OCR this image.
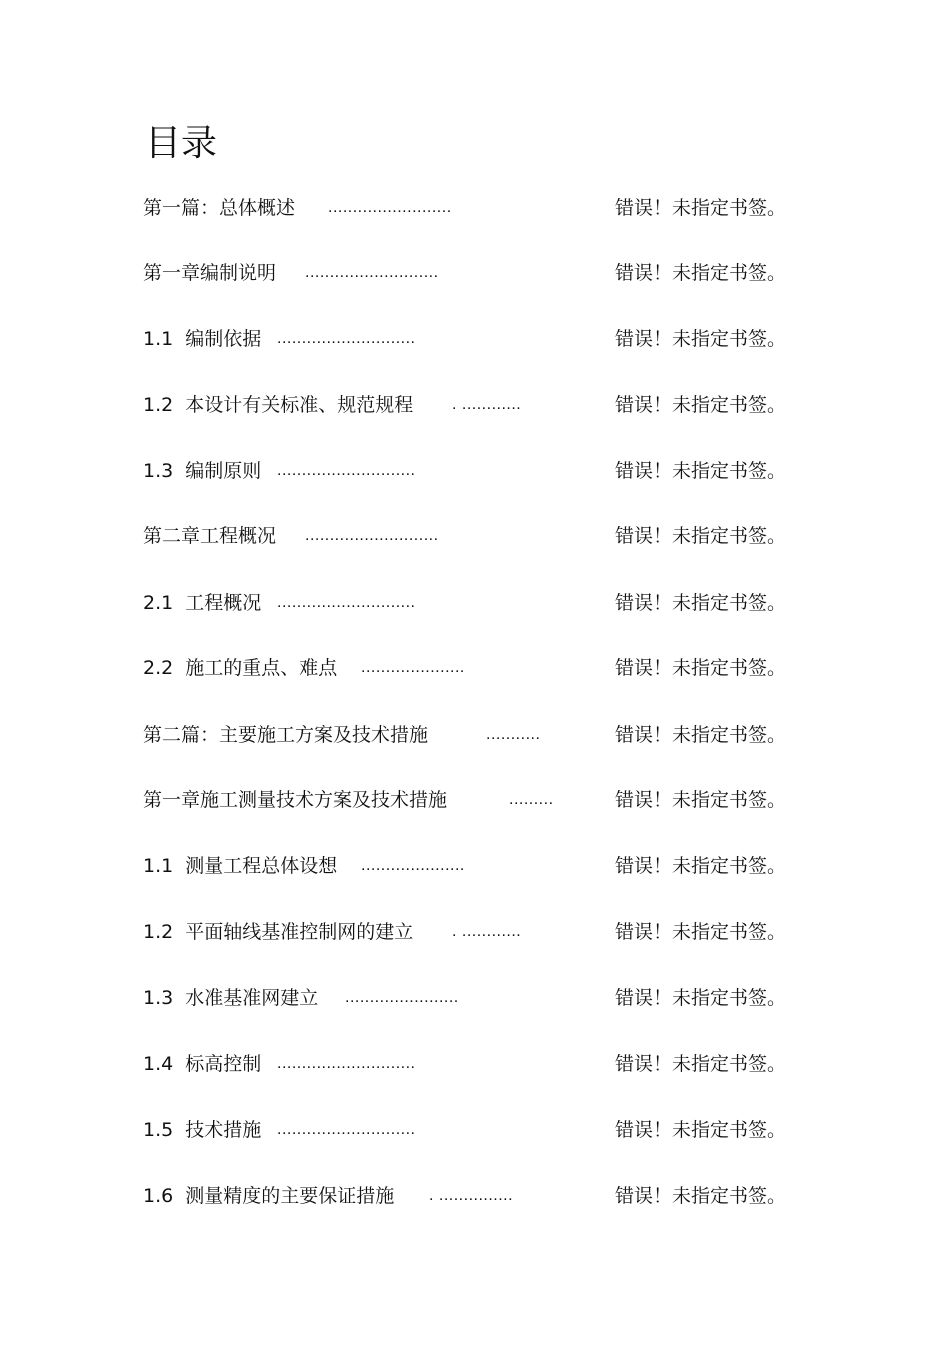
目录
第一篇：总体概述 .........................	错误！未指定书签。
第一章编制说明 ...........................	错误！未指定书签。
1.1  编制依据 ............................	错误！未指定书签。
1.2  本设计有关标准、规范规程 . ............	错误！未指定书签。
1.3  编制原则 ............................	错误！未指定书签。
第二章工程概况 ...........................	错误！未指定书签。
2.1  工程概况 ............................	错误！未指定书签。
2.2  施工的重点、难点 .....................	错误！未指定书签。
第二篇：主要施工方案及技术措施	...........	错误！未指定书签。
第一章施工测量技术方案及技术措施	.........	错误！未指定书签。
1.1  测量工程总体设想 .....................	错误！未指定书签。
1.2  平面轴线基准控制网的建立 . ............	错误！未指定书签。
1.3  水准基准网建立 .......................	错误！未指定书签。
1.4  标高控制 ............................	错误！未指定书签。
1.5  技术措施 ............................	错误！未指定书签。
1.6  测量精度的主要保证措施 . ...............	错误！未指定书签。
